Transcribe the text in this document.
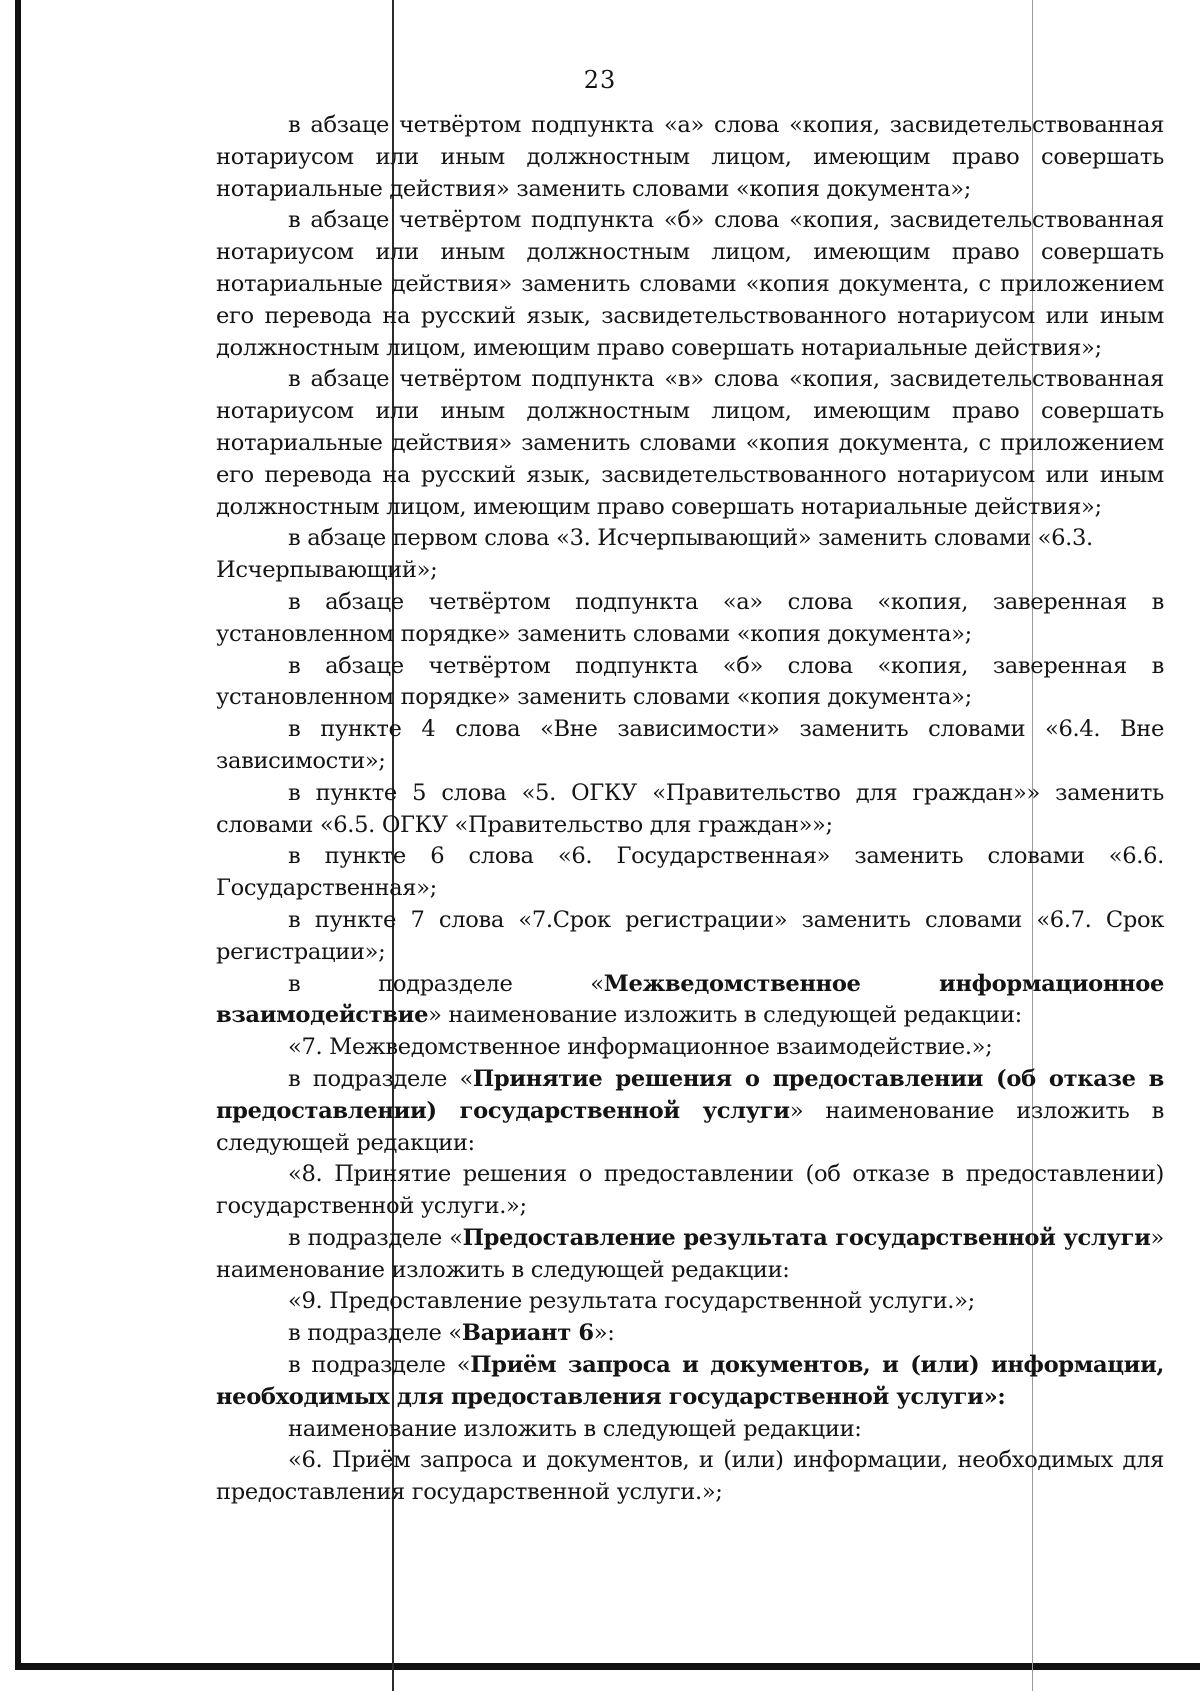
23

в абзаце четвёртом подпункта «а» слова «копия, засвидетельствованная нотариусом или иным должностным лицом, имеющим право совершать нотариальные действия» заменить словами «копия документа»;

в абзаце четвёртом подпункта «б» слова «копия, засвидетельствованная нотариусом или иным должностным лицом, имеющим право совершать нотариальные действия» заменить словами «копия документа, с приложением его перевода на русский язык, засвидетельствованного нотариусом или иным должностным лицом, имеющим право совершать нотариальные действия»;

в абзаце четвёртом подпункта «в» слова «копия, засвидетельствованная нотариусом или иным должностным лицом, имеющим право совершать нотариальные действия» заменить словами «копия документа, с приложением его перевода на русский язык, засвидетельствованного нотариусом или иным должностным лицом, имеющим право совершать нотариальные действия»;

в абзаце первом слова «3. Исчерпывающий» заменить словами «6.3. Исчерпывающий»;

в абзаце четвёртом подпункта «а» слова «копия, заверенная в установленном порядке» заменить словами «копия документа»;

в абзаце четвёртом подпункта «б» слова «копия, заверенная в установленном порядке» заменить словами «копия документа»;

в пункте 4 слова «Вне зависимости» заменить словами «6.4. Вне зависимости»;

в пункте 5 слова «5. ОГКУ «Правительство для граждан»» заменить словами «6.5. ОГКУ «Правительство для граждан»»;

в пункте 6 слова «6. Государственная» заменить словами «6.6. Государственная»;

в пункте 7 слова «7.Срок регистрации» заменить словами «6.7. Срок регистрации»;

в подразделе «Межведомственное информационное взаимодействие» наименование изложить в следующей редакции:

«7. Межведомственное информационное взаимодействие.»;

в подразделе «Принятие решения о предоставлении (об отказе в предоставлении) государственной услуги» наименование изложить в следующей редакции:

«8. Принятие решения о предоставлении (об отказе в предоставлении) государственной услуги.»;

в подразделе «Предоставление результата государственной услуги» наименование изложить в следующей редакции:

«9. Предоставление результата государственной услуги.»;

в подразделе «Вариант 6»:

в подразделе «Приём запроса и документов, и (или) информации, необходимых для предоставления государственной услуги»:

наименование изложить в следующей редакции:

«6. Приём запроса и документов, и (или) информации, необходимых для предоставления государственной услуги.»;
